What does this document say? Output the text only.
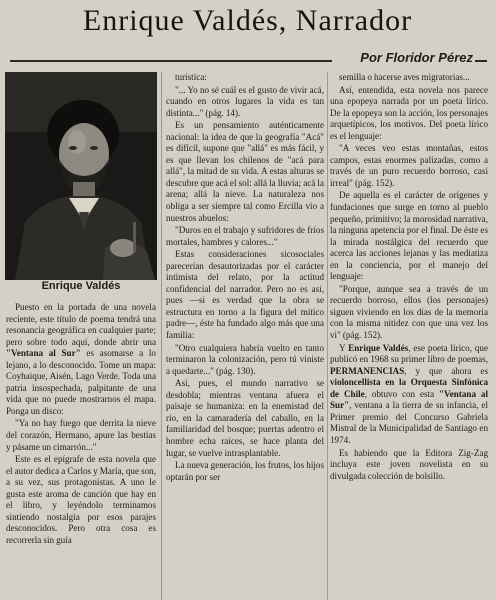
Enrique Valdés, Narrador
Por Floridor Pérez
Enrique Valdés

Puesto en la portada de una novela reciente, este título de poema tendrá una resonancia geográfica en cualquier parte; pero sobre todo aquí, donde abrir una "Ventana al Sur" es asomarse a lo lejano, a lo desconocido. Tome un mapa: Coyhaique, Aisén, Lago Verde. Toda una patria insospechada, palpitante de una vida que no puede mostrarnos el mapa. Ponga un disco:

"Ya no hay fuego que derrita la nieve del corazón, Hermano, apure las bestias y pásame un cimarrón..."

Este es el epígrafe de esta novela que el autor dedica a Carlos y María, que son, a su vez, sus protagonistas. A uno le gusta este aroma de canción que hay en el libro, y leyéndolo terminamos sintiendo nostalgia por esos parajes desconocidos. Pero otra cosa es recorrerla sin guía

turística:

"... Yo no sé cuál es el gusto de vivir acá, cuando en otros lugares la vida es tan distinta..." (pág. 14).

Es un pensamiento auténticamente nacional: la idea de que la geografía "Acá" es difícil, supone que "allá" es más fácil, y es que llevan los chilenos de "acá para allá", la mitad de su vida. A estas alturas se descubre que acá el sol: allá la lluvia; acá la arena; allá la nieve. La naturaleza nos obliga a ser siempre tal como Ercilla vio a nuestros abuelos:

"Duros en el trabajo y sufridores de fríos mortales, hambres y calores..."

Estas consideraciones sicosociales parecerían desautorizadas por el carácter intimista del relato, por la actitud confidencial del narrador. Pero no es así, pues —si es verdad que la obra se estructura en torno a la figura del mítico padre—, éste ha fundado algo más que una familia:

"Otro cualquiera habría vuelto en tanto terminaron la colonización, pero tú viniste a quedarte..." (pág. 130).

Así, pues, el mundo narrativo se desdobla; mientras ventana afuera el paisaje se humaniza: en la enemistad del río, en la camaradería del caballo, en la familiaridad del bosque; puertas adentro el hombre echa raíces, se hace planta del lugar, se vuelve intrasplantable.

La nueva generación, los frutos, los hijos optarán por ser

semilla o hacerse aves migratorias...

Así, entendida, esta novela nos parece una epopeya narrada por un poeta lírico. De la epopeya son la acción, los personajes arquetípicos, los motivos. Del poeta lírico es el lenguaje:

"A veces veo estas montañas, estos campos, estas enormes palizadas, como a través de un puro recuerdo borroso, casi irreal" (pág. 152).

De aquella es el carácter de orígenes y fundaciones que surge en torno al pueblo pequeño, primitivo; la morosidad narrativa, la ninguna apetencia por el final. De éste es la mirada nostálgica del recuerdo que acerca las acciones lejanas y las mediatiza en la conciencia, por el manejo del lenguaje:

"Porque, aunque sea a través de un recuerdo borroso, ellos (los personajes) siguen viviendo en los días de la memoria con la misma nitidez con que una vez los vi" (pág. 152).

Y Enrique Valdés, ese poeta lírico, que publicó en 1968 su primer libro de poemas, PERMANENCIAS, y que ahora es violoncellista en la Orquesta Sinfónica de Chile, obtuvo con esta "Ventana al Sur", ventana a la tierra de su infancia, el Primer premio del Concurso Gabriela Mistral de la Municipalidad de Santiago en 1974.

Es habiendo que la Editora Zig-Zag incluya este joven novelista en su divulgada colección de bolsillo.
